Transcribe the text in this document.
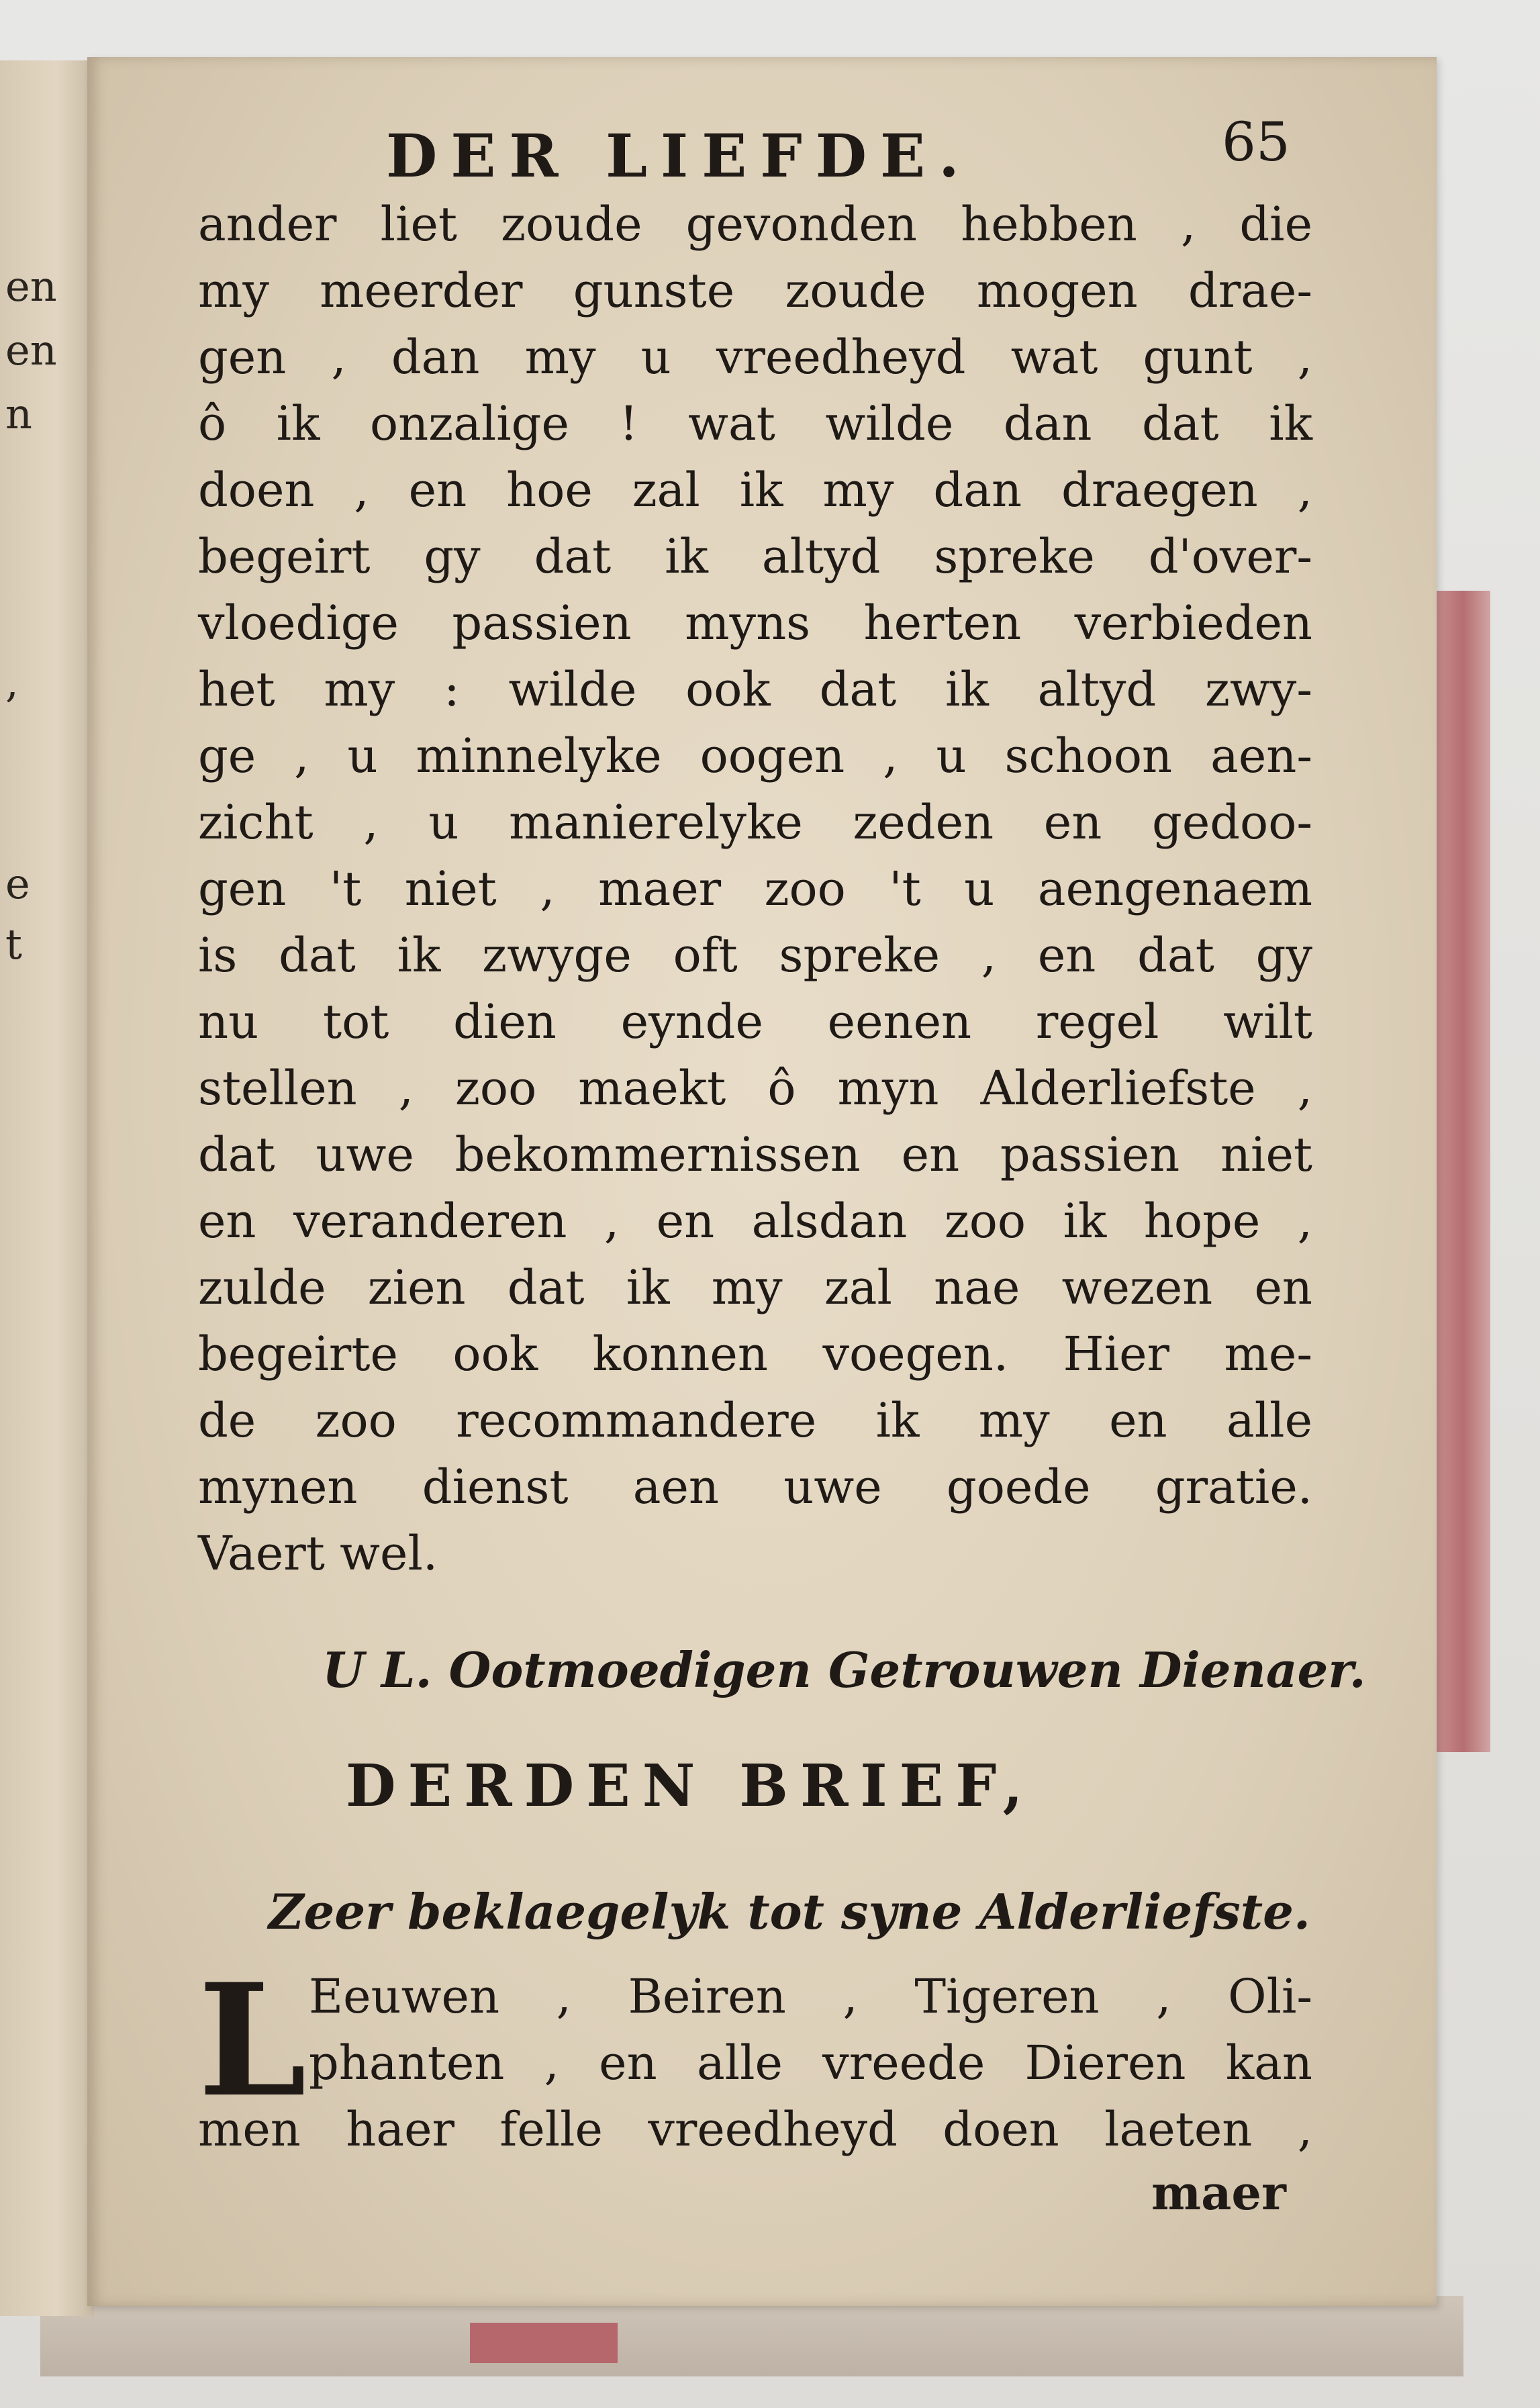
en
en
n
,
e
t
DER LIEFDE.	65
ander liet zoude gevonden hebben , die
my meerder gunste zoude mogen drae-
gen , dan my u vreedheyd wat gunt ,
ô ik onzalige ! wat wilde dan dat ik
doen , en hoe zal ik my dan draegen ,
begeirt gy dat ik altyd spreke d'over-
vloedige passien myns herten verbieden
het my : wilde ook dat ik altyd zwy-
ge , u minnelyke oogen , u schoon aen-
zicht , u manierelyke zeden en gedoo-
gen 't niet , maer zoo 't u aengenaem
is dat ik zwyge oft spreke , en dat gy
nu tot dien eynde eenen regel wilt
stellen , zoo maekt ô myn Alderliefste ,
dat uwe bekommernissen en passien niet
en veranderen , en alsdan zoo ik hope ,
zulde zien dat ik my zal nae wezen en
begeirte ook konnen voegen. Hier me-
de zoo recommandere ik my en alle
mynen dienst aen uwe goede gratie.
Vaert wel.
U L. Ootmoedigen Getrouwen Dienaer.
DERDEN BRIEF,
Zeer beklaegelyk tot syne Alderliefste.
L Eeuwen , Beiren , Tigeren , Oli-
phanten , en alle vreede Dieren kan
men haer felle vreedheyd doen laeten ,
maer
